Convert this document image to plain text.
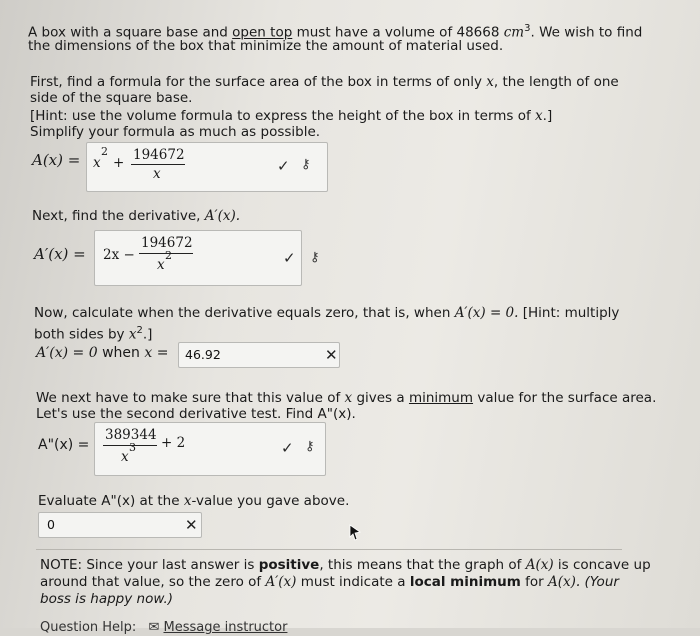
A box with a square base and open top must have a volume of 48668 $cm^3$. We wish to find
the dimensions of the box that minimize the amount of material used.
First, find a formula for the surface area of the box in terms of only x, the length of one
side of the square base.
[Hint: use the volume formula to express the height of the box in terms of x.]
Simplify your formula as much as possible.
A(x) = x
2
+ 194672
x	✓ ⚷
Next, find the derivative, A′(x).
A′(x) = 2x −
194672
x
2	✓ ⚷
Now, calculate when the derivative equals zero, that is, when A′(x) = 0. [Hint: multiply
both sides by $x^2$.]
A′(x) = 0 when x =
46.92	✕
We next have to make sure that this value of x gives a minimum value for the surface area.
Let's use the second derivative test. Find A"(x).
A"(x) =
389344
x
3 + 2	✓ ⚷
Evaluate A"(x) at the x-value you gave above.
0
✕
NOTE: Since your last answer is positive, this means that the graph of A(x) is concave up
around that value, so the zero of A′(x) must indicate a local minimum for A(x). (Your
boss is happy now.)
Question Help: ✉ Message instructor
